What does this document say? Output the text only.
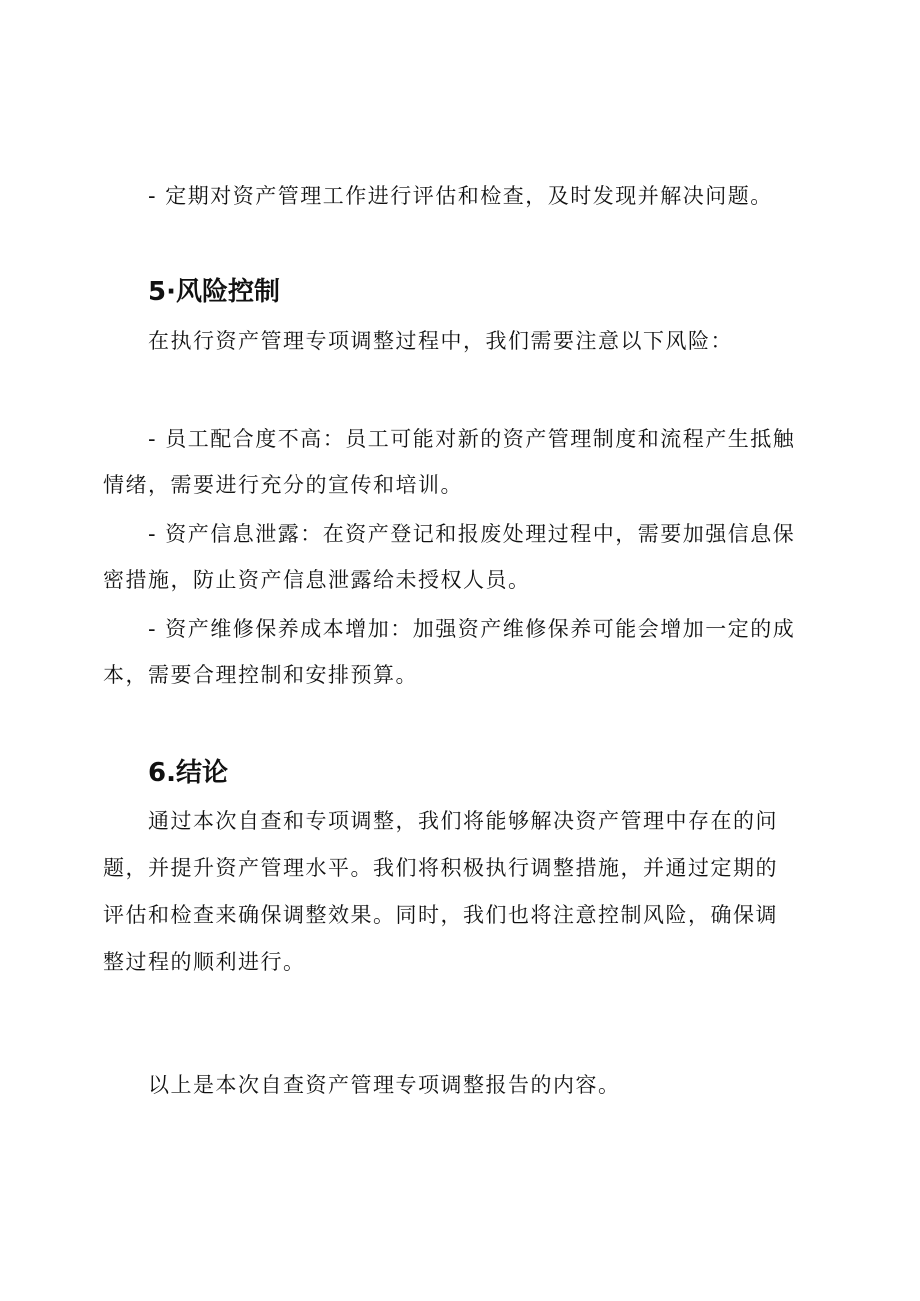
- 定期对资产管理工作进行评估和检查，及时发现并解决问题。
5·风险控制
在执行资产管理专项调整过程中，我们需要注意以下风险：
- 员工配合度不高：员工可能对新的资产管理制度和流程产生抵触
情绪，需要进行充分的宣传和培训。
- 资产信息泄露：在资产登记和报废处理过程中，需要加强信息保
密措施，防止资产信息泄露给未授权人员。
- 资产维修保养成本增加：加强资产维修保养可能会增加一定的成
本，需要合理控制和安排预算。
6.结论
通过本次自查和专项调整，我们将能够解决资产管理中存在的问
题，并提升资产管理水平。我们将积极执行调整措施，并通过定期的
评估和检查来确保调整效果。同时，我们也将注意控制风险，确保调
整过程的顺利进行。
以上是本次自查资产管理专项调整报告的内容。
